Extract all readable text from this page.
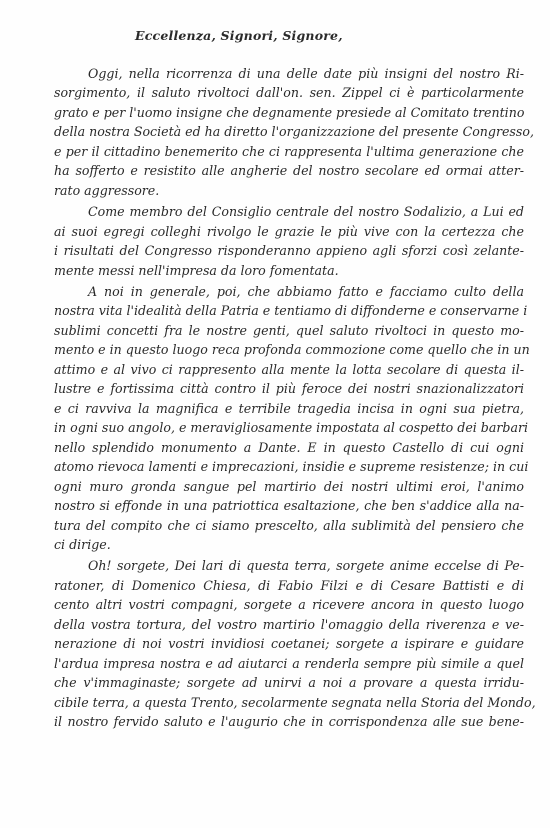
Eccellenza, Signori, Signore,
Oggi, nella ricorrenza di una delle date più insigni del nostro Ri-
sorgimento, il saluto rivoltoci dall'on. sen. Zippel ci è particolarmente
grato e per l'uomo insigne che degnamente presiede al Comitato trentino
della nostra Società ed ha diretto l'organizzazione del presente Congresso,
e per il cittadino benemerito che ci rappresenta l'ultima generazione che
ha sofferto e resistito alle angherie del nostro secolare ed ormai atter-
rato aggressore.
Come membro del Consiglio centrale del nostro Sodalizio, a Lui ed
ai suoi egregi colleghi rivolgo le grazie le più vive con la certezza che
i risultati del Congresso risponderanno appieno agli sforzi così zelante-
mente messi nell'impresa da loro fomentata.
A noi in generale, poi, che abbiamo fatto e facciamo culto della
nostra vita l'idealità della Patria e tentiamo di diffonderne e conservarne i
sublimi concetti fra le nostre genti, quel saluto rivoltoci in questo mo-
mento e in questo luogo reca profonda commozione come quello che in un
attimo e al vivo ci rappresento alla mente la lotta secolare di questa il-
lustre e fortissima città contro il più feroce dei nostri snazionalizzatori
e ci ravviva la magnifica e terribile tragedia incisa in ogni sua pietra,
in ogni suo angolo, e meravigliosamente impostata al cospetto dei barbari
nello splendido monumento a Dante. E in questo Castello di cui ogni
atomo rievoca lamenti e imprecazioni, insidie e supreme resistenze; in cui
ogni muro gronda sangue pel martirio dei nostri ultimi eroi, l'animo
nostro si effonde in una patriottica esaltazione, che ben s'addice alla na-
tura del compito che ci siamo prescelto, alla sublimità del pensiero che
ci dirige.
Oh! sorgete, Dei lari di questa terra, sorgete anime eccelse di Pe-
ratoner, di Domenico Chiesa, di Fabio Filzi e di Cesare Battisti e di
cento altri vostri compagni, sorgete a ricevere ancora in questo luogo
della vostra tortura, del vostro martirio l'omaggio della riverenza e ve-
nerazione di noi vostri invidiosi coetanei; sorgete a ispirare e guidare
l'ardua impresa nostra e ad aiutarci a renderla sempre più simile a quel
che v'immaginaste; sorgete ad unirvi a noi a provare a questa irridu-
cibile terra, a questa Trento, secolarmente segnata nella Storia del Mondo,
il nostro fervido saluto e l'augurio che in corrispondenza alle sue bene-
